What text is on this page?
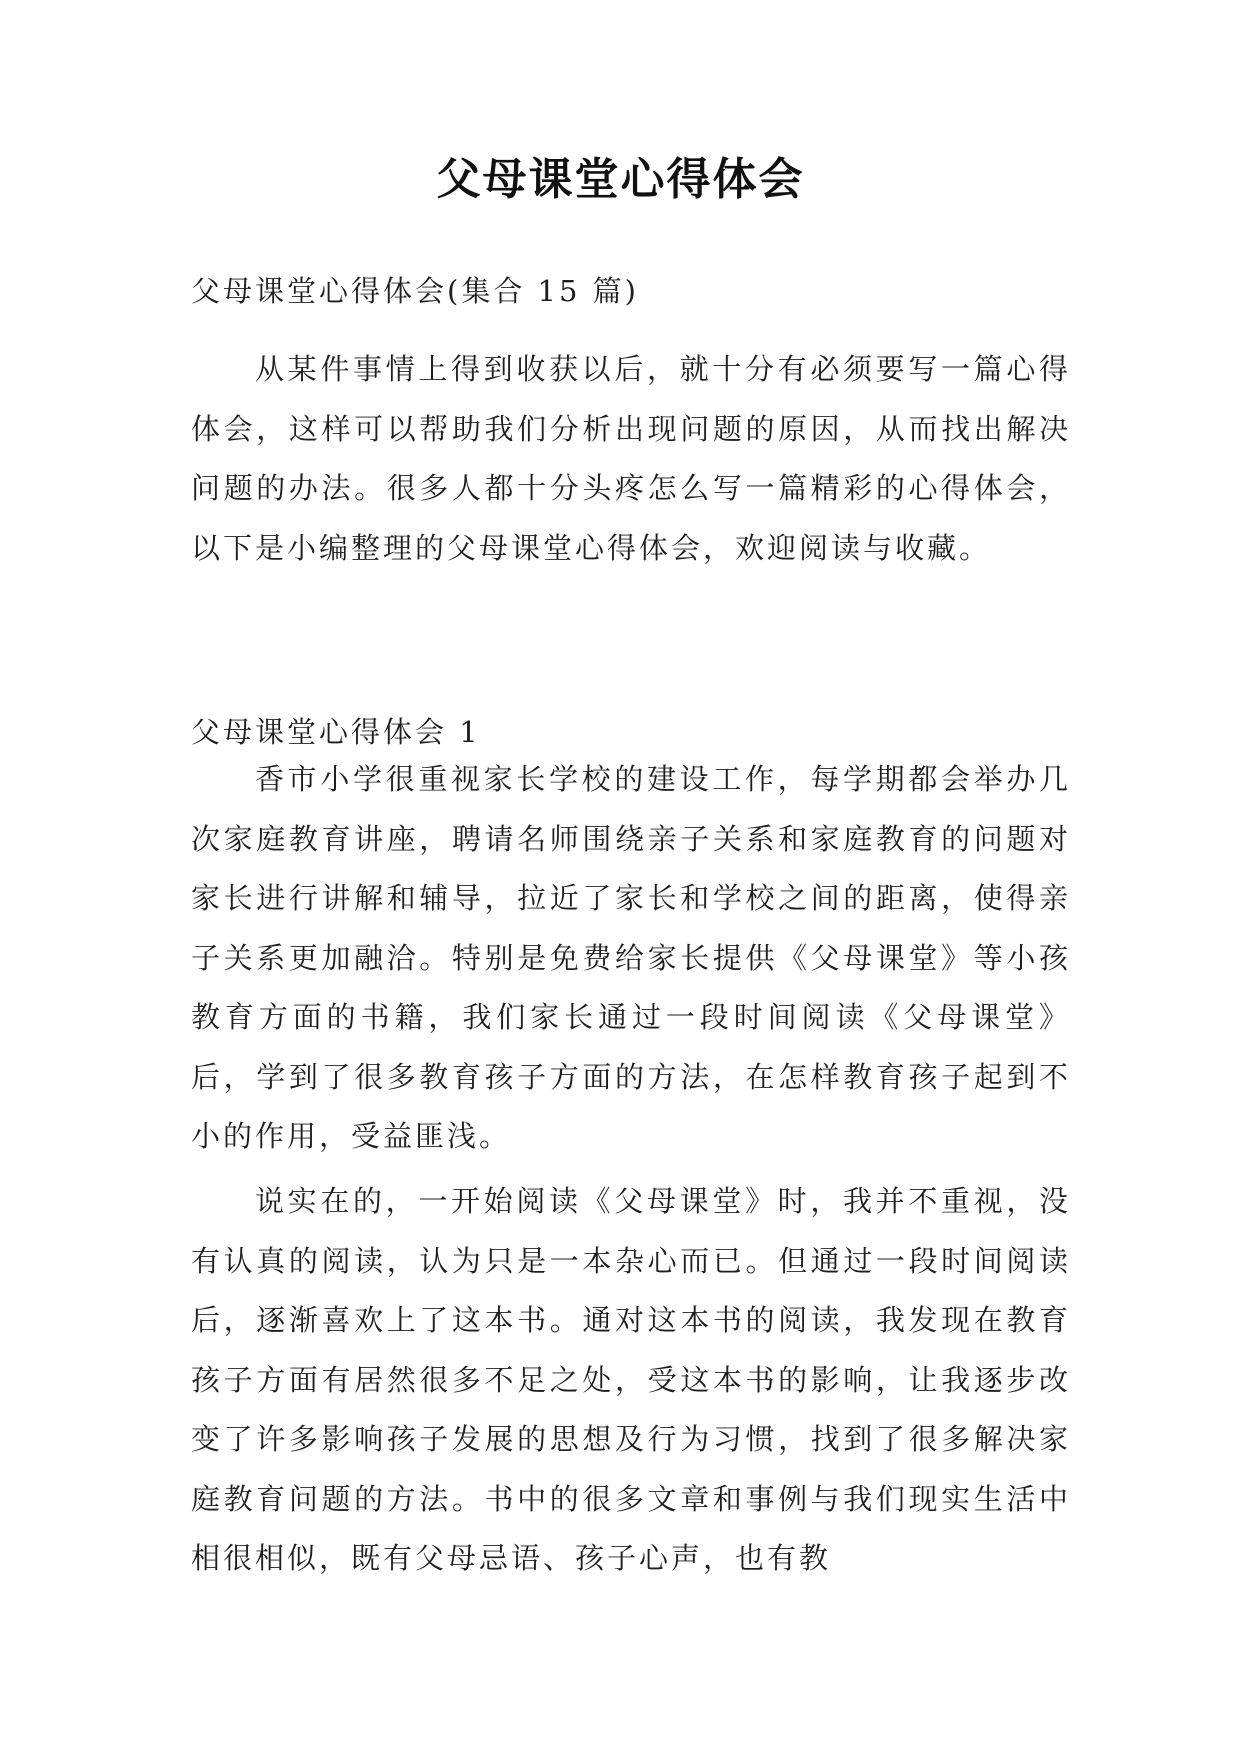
父母课堂心得体会

父母课堂心得体会(集合 15 篇)

从某件事情上得到收获以后，就十分有必须要写一篇心得体会，这样可以帮助我们分析出现问题的原因，从而找出解决问题的办法。很多人都十分头疼怎么写一篇精彩的心得体会，以下是小编整理的父母课堂心得体会，欢迎阅读与收藏。

父母课堂心得体会 1

香市小学很重视家长学校的建设工作，每学期都会举办几次家庭教育讲座，聘请名师围绕亲子关系和家庭教育的问题对家长进行讲解和辅导，拉近了家长和学校之间的距离，使得亲子关系更加融洽。特别是免费给家长提供《父母课堂》等小孩教育方面的书籍，我们家长通过一段时间阅读《父母课堂》后，学到了很多教育孩子方面的方法，在怎样教育孩子起到不小的作用，受益匪浅。

说实在的，一开始阅读《父母课堂》时，我并不重视，没有认真的阅读，认为只是一本杂心而已。但通过一段时间阅读后，逐渐喜欢上了这本书。通对这本书的阅读，我发现在教育孩子方面有居然很多不足之处，受这本书的影响，让我逐步改变了许多影响孩子发展的思想及行为习惯，找到了很多解决家庭教育问题的方法。书中的很多文章和事例与我们现实生活中相很相似，既有父母忌语、孩子心声，也有教
